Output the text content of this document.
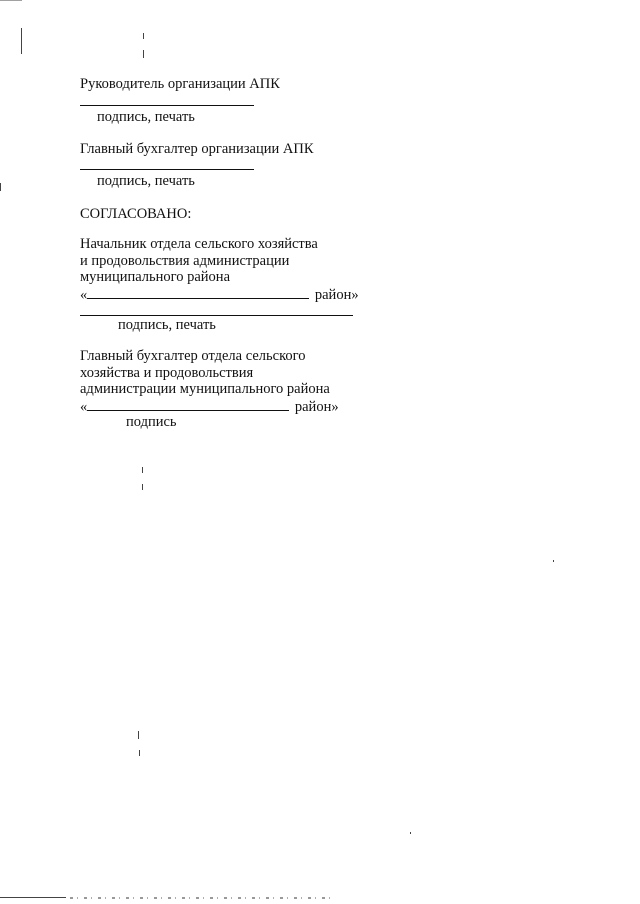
Руководитель организации АПК
подпись, печать
Главный бухгалтер организации АПК
подпись, печать
СОГЛАСОВАНО:
Начальник отдела сельского хозяйства
и продовольствия администрации
муниципального района
«	район»
подпись, печать
Главный бухгалтер отдела сельского
хозяйства и продовольствия
администрации муниципального района
«	район»
подпись
